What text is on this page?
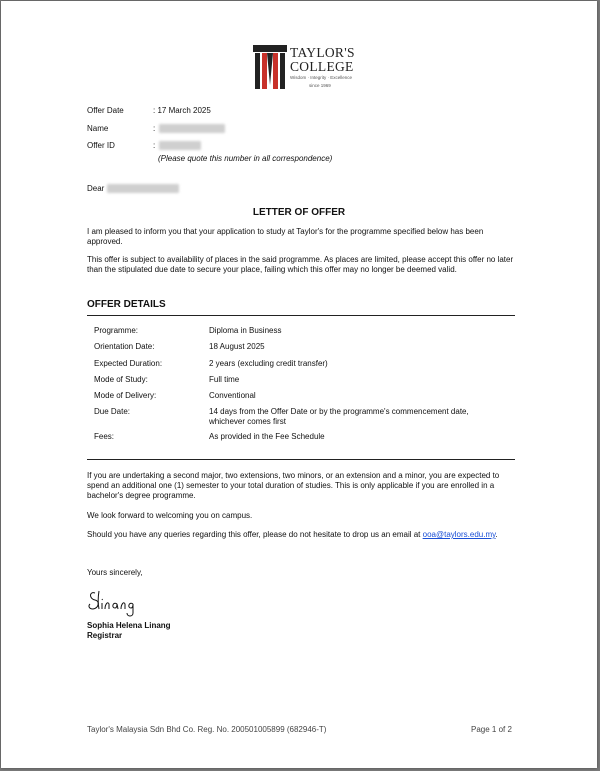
TAYLOR'S
COLLEGE
Wisdom · Integrity · Excellence
since 1969
Offer Date	: 17 March 2025
Name	:
Offer ID	:
(Please quote this number in all correspondence)
Dear
LETTER OF OFFER
I am pleased to inform you that your application to study at Taylor's for the programme specified below has been approved.
This offer is subject to availability of places in the said programme. As places are limited, please accept this offer no later than the stipulated due date to secure your place, failing which this offer may no longer be deemed valid.
OFFER DETAILS
Programme:	Diploma in Business
Orientation Date:	18 August 2025
Expected Duration:	2 years (excluding credit transfer)
Mode of Study:	Full time
Mode of Delivery:	Conventional
Due Date:	14 days from the Offer Date or by the programme's commencement date, whichever comes first
Fees:	As provided in the Fee Schedule
If you are undertaking a second major, two extensions, two minors, or an extension and a minor, you are expected to spend an additional one (1) semester to your total duration of studies. This is only applicable if you are enrolled in a bachelor's degree programme.
We look forward to welcoming you on campus.
Should you have any queries regarding this offer, please do not hesitate to drop us an email at ooa@taylors.edu.my.
Yours sincerely,
Sophia Helena Linang
Registrar
Taylor's Malaysia Sdn Bhd Co. Reg. No. 200501005899 (682946-T)	Page 1 of 2
